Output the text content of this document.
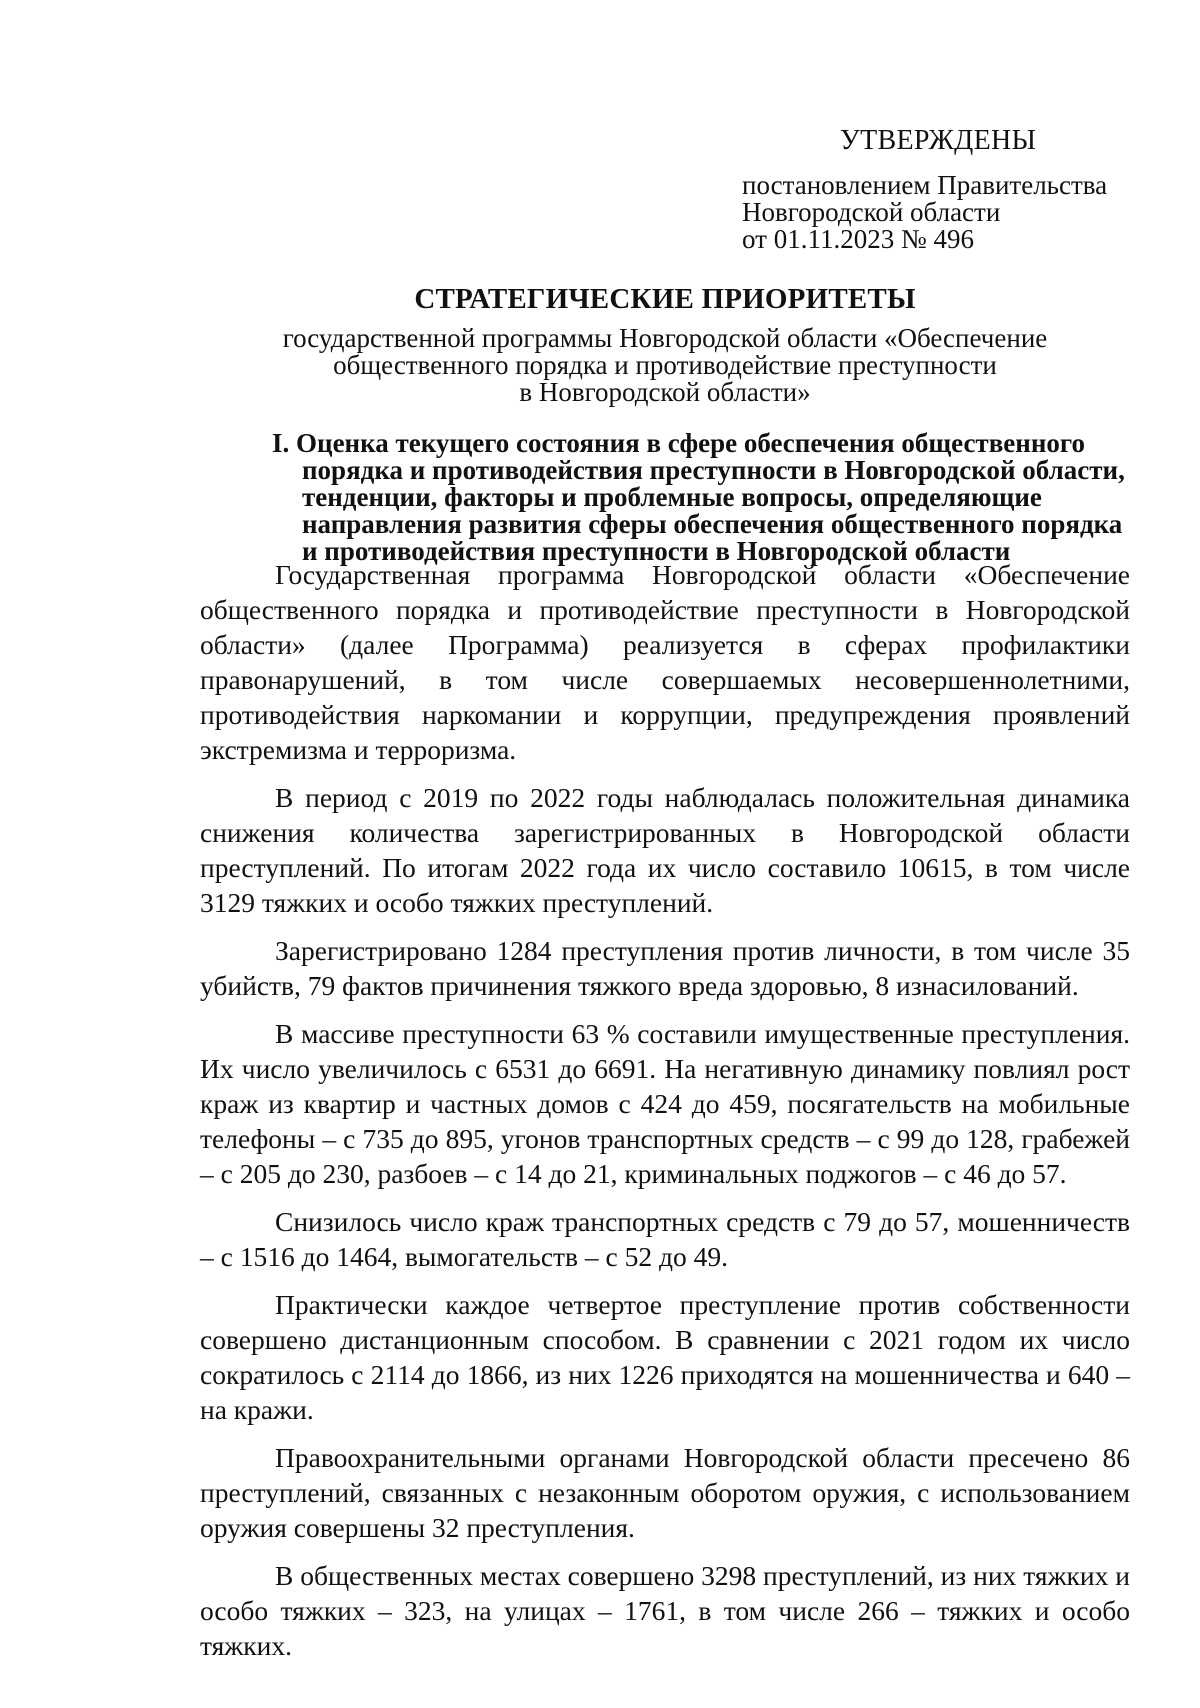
УТВЕРЖДЕНЫ
постановлением Правительства
Новгородской области
от 01.11.2023 № 496
СТРАТЕГИЧЕСКИЕ ПРИОРИТЕТЫ
государственной программы Новгородской области «Обеспечение
общественного порядка и противодействие преступности
в Новгородской области»
I. Оценка текущего состояния в сфере обеспечения общественного
порядка и противодействия преступности в Новгородской области,
тенденции, факторы и проблемные вопросы, определяющие
направления развития сферы обеспечения общественного порядка
и противодействия преступности в Новгородской области

Государственная программа Новгородской области «Обеспечение общественного порядка и противодействие преступности в Новгородской области» (далее Программа) реализуется в сферах профилактики правонарушений, в том числе совершаемых несовершеннолетними, противодействия наркомании и коррупции, предупреждения проявлений экстремизма и терроризма.

В период с 2019 по 2022 годы наблюдалась положительная динамика снижения количества зарегистрированных в Новгородской области преступлений. По итогам 2022 года их число составило 10615, в том числе 3129 тяжких и особо тяжких преступлений.

Зарегистрировано 1284 преступления против личности, в том числе 35 убийств, 79 фактов причинения тяжкого вреда здоровью, 8 изнасилований.

В массиве преступности 63 % составили имущественные преступления. Их число увеличилось с 6531 до 6691. На негативную динамику повлиял рост краж из квартир и частных домов с 424 до 459, посягательств на мобильные телефоны – с 735 до 895, угонов транспортных средств – с 99 до 128, грабежей – с 205 до 230, разбоев – с 14 до 21, криминальных поджогов – с 46 до 57.

Снизилось число краж транспортных средств с 79 до 57, мошенничеств – с 1516 до 1464, вымогательств – с 52 до 49.

Практически каждое четвертое преступление против собственности совершено дистанционным способом. В сравнении с 2021 годом их число сократилось с 2114 до 1866, из них 1226 приходятся на мошенничества и 640 – на кражи.

Правоохранительными органами Новгородской области пресечено 86 преступлений, связанных с незаконным оборотом оружия, с использованием оружия совершены 32 преступления.

В общественных местах совершено 3298 преступлений, из них тяжких и особо тяжких – 323, на улицах – 1761, в том числе 266 – тяжких и особо тяжких.
